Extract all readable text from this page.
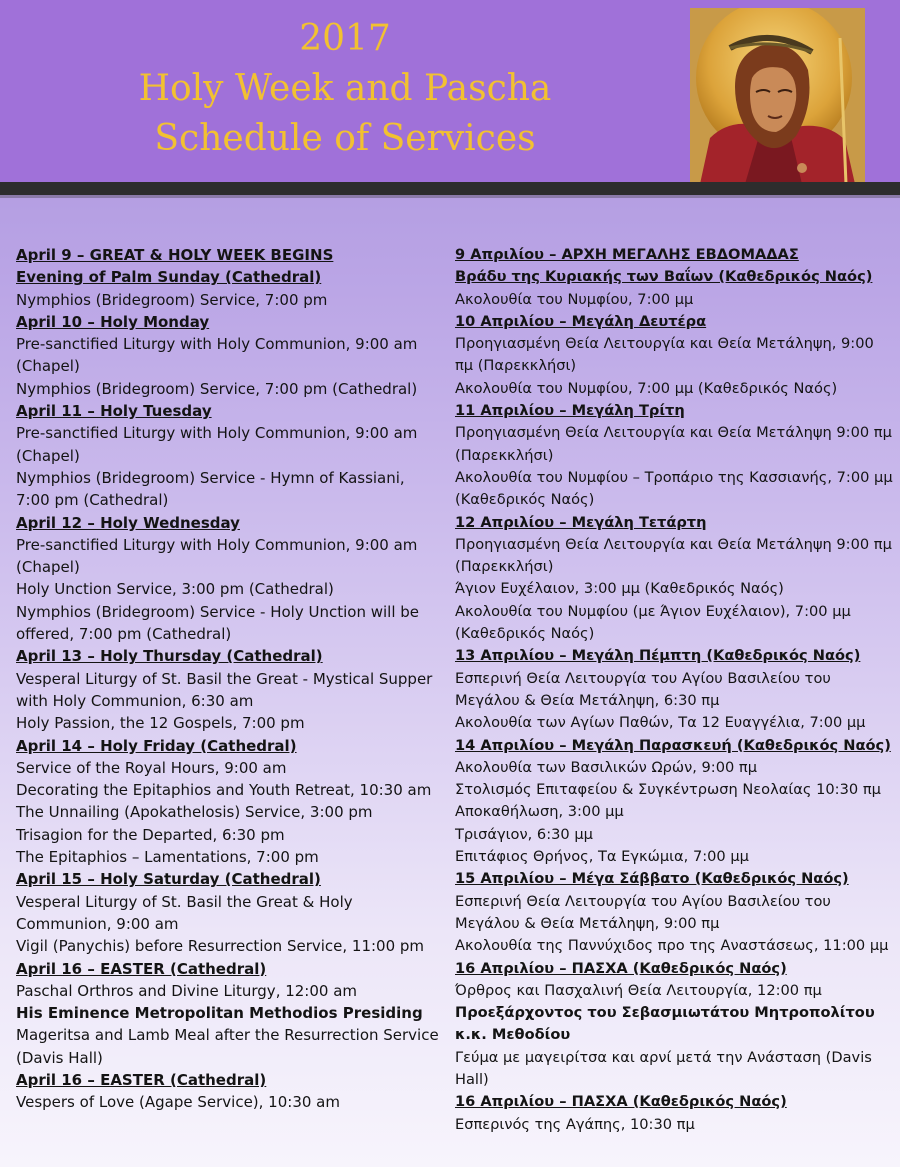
2017
Holy Week and Pascha
Schedule of Services
April 9 – GREAT & HOLY WEEK BEGINS
Evening of Palm Sunday (Cathedral)
Nymphios (Bridegroom) Service, 7:00 pm
April 10 – Holy Monday
Pre-sanctified Liturgy with Holy Communion, 9:00 am (Chapel)
Nymphios (Bridegroom) Service, 7:00 pm (Cathedral)
April 11 – Holy Tuesday
Pre-sanctified Liturgy with Holy Communion, 9:00 am (Chapel)
Nymphios (Bridegroom) Service - Hymn of Kassiani, 7:00 pm (Cathedral)
April 12 – Holy Wednesday
Pre-sanctified Liturgy with Holy Communion, 9:00 am (Chapel)
Holy Unction Service, 3:00 pm (Cathedral)
Nymphios (Bridegroom) Service - Holy Unction will be offered, 7:00 pm (Cathedral)
April 13 – Holy Thursday (Cathedral)
Vesperal Liturgy of St. Basil the Great - Mystical Supper with Holy Communion, 6:30 am
Holy Passion, the 12 Gospels, 7:00 pm
April 14 – Holy Friday (Cathedral)
Service of the Royal Hours, 9:00 am
Decorating the Epitaphios and Youth Retreat, 10:30 am
The Unnailing (Apokathelosis) Service, 3:00 pm
Trisagion for the Departed, 6:30 pm
The Epitaphios – Lamentations, 7:00 pm
April 15 – Holy Saturday (Cathedral)
Vesperal Liturgy of St. Basil the Great & Holy Communion, 9:00 am
Vigil (Panychis) before Resurrection Service, 11:00 pm
April 16 – EASTER (Cathedral)
Paschal Orthros and Divine Liturgy, 12:00 am
His Eminence Metropolitan Methodios Presiding
Mageritsa and Lamb Meal after the Resurrection Service (Davis Hall)
April 16 – EASTER (Cathedral)
Vespers of Love (Agape Service), 10:30 am
9 Απριλίου – ΑΡΧΗ ΜΕΓΑΛΗΣ ΕΒΔΟΜΑΔΑΣ
Βράδυ της Κυριακής των Βαΐων (Καθεδρικός Ναός)
Ακολουθία του Νυμφίου, 7:00 μμ
10 Απριλίου – Μεγάλη Δευτέρα
Προηγιασμένη Θεία Λειτουργία και Θεία Μετάληψη, 9:00 πμ (Παρεκκλήσι)
Ακολουθία του Νυμφίου, 7:00 μμ (Καθεδρικός Ναός)
11 Απριλίου – Μεγάλη Τρίτη
Προηγιασμένη Θεία Λειτουργία και Θεία Μετάληψη 9:00 πμ (Παρεκκλήσι)
Ακολουθία του Νυμφίου – Τροπάριο της Κασσιανής, 7:00 μμ (Καθεδρικός Ναός)
12 Απριλίου – Μεγάλη Τετάρτη
Προηγιασμένη Θεία Λειτουργία και Θεία Μετάληψη 9:00 πμ (Παρεκκλήσι)
Άγιον Ευχέλαιον, 3:00 μμ (Καθεδρικός Ναός)
Ακολουθία του Νυμφίου (με Άγιον Ευχέλαιον), 7:00 μμ (Καθεδρικός Ναός)
13 Απριλίου – Μεγάλη Πέμπτη (Καθεδρικός Ναός)
Εσπερινή Θεία Λειτουργία του Αγίου Βασιλείου του Μεγάλου & Θεία Μετάληψη, 6:30 πμ
Ακολουθία των Αγίων Παθών, Τα 12 Ευαγγέλια, 7:00 μμ
14 Απριλίου – Μεγάλη Παρασκευή (Καθεδρικός Ναός)
Ακολουθία των Βασιλικών Ωρών, 9:00 πμ
Στολισμός Επιταφείου & Συγκέντρωση Νεολαίας 10:30 πμ
Αποκαθήλωση, 3:00 μμ
Τρισάγιον, 6:30 μμ
Επιτάφιος Θρήνος, Τα Εγκώμια, 7:00 μμ
15 Απριλίου – Μέγα Σάββατο (Καθεδρικός Ναός)
Εσπερινή Θεία Λειτουργία του Αγίου Βασιλείου του Μεγάλου & Θεία Μετάληψη, 9:00 πμ
Ακολουθία της Παννύχιδος προ της Αναστάσεως, 11:00 μμ
16 Απριλίου – ΠΑΣΧΑ (Καθεδρικός Ναός)
Όρθρος και Πασχαλινή Θεία Λειτουργία, 12:00 πμ
Προεξάρχοντος του Σεβασμιωτάτου Μητροπολίτου κ.κ. Μεθοδίου
Γεύμα με μαγειρίτσα και αρνί μετά την Ανάσταση (Davis Hall)
16 Απριλίου – ΠΑΣΧΑ (Καθεδρικός Ναός)
Εσπερινός της Αγάπης, 10:30 πμ
